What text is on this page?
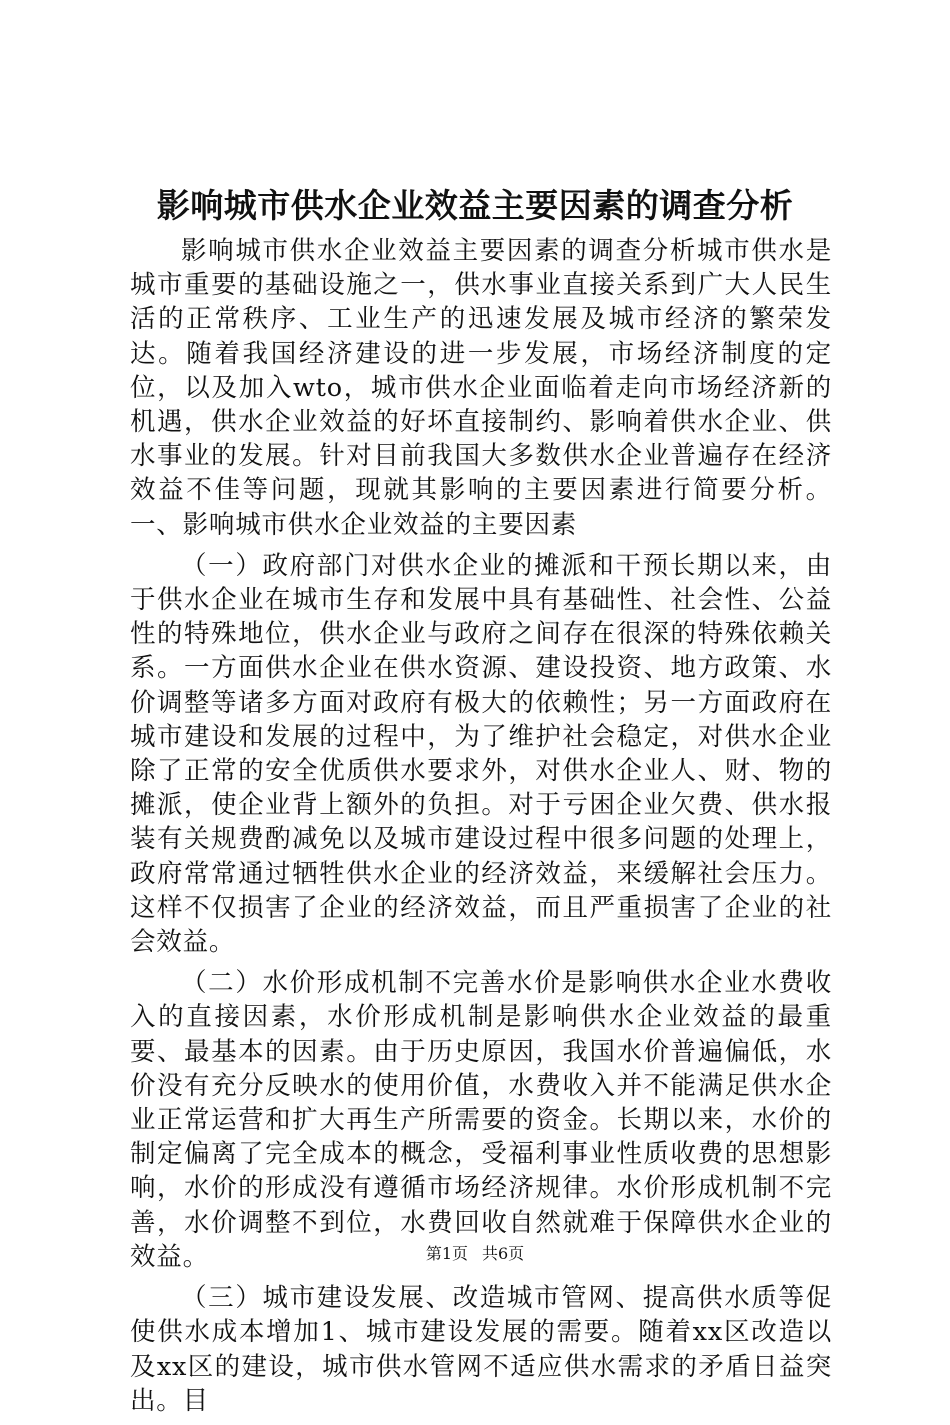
影响城市供水企业效益主要因素的调查分析

影响城市供水企业效益主要因素的调查分析城市供水是城市重要的基础设施之一，供水事业直接关系到广大人民生活的正常秩序、工业生产的迅速发展及城市经济的繁荣发达。随着我国经济建设的进一步发展，市场经济制度的定位，以及加入wto，城市供水企业面临着走向市场经济新的机遇，供水企业效益的好坏直接制约、影响着供水企业、供水事业的发展。针对目前我国大多数供水企业普遍存在经济效益不佳等问题，现就其影响的主要因素进行简要分析。一、影响城市供水企业效益的主要因素

（一）政府部门对供水企业的摊派和干预长期以来，由于供水企业在城市生存和发展中具有基础性、社会性、公益性的特殊地位，供水企业与政府之间存在很深的特殊依赖关系。一方面供水企业在供水资源、建设投资、地方政策、水价调整等诸多方面对政府有极大的依赖性；另一方面政府在城市建设和发展的过程中，为了维护社会稳定，对供水企业除了正常的安全优质供水要求外，对供水企业人、财、物的摊派，使企业背上额外的负担。对于亏困企业欠费、供水报装有关规费酌减免以及城市建设过程中很多问题的处理上，政府常常通过牺牲供水企业的经济效益，来缓解社会压力。这样不仅损害了企业的经济效益，而且严重损害了企业的社会效益。

（二）水价形成机制不完善水价是影响供水企业水费收入的直接因素，水价形成机制是影响供水企业效益的最重要、最基本的因素。由于历史原因，我国水价普遍偏低，水价没有充分反映水的使用价值，水费收入并不能满足供水企业正常运营和扩大再生产所需要的资金。长期以来，水价的制定偏离了完全成本的概念，受福利事业性质收费的思想影响，水价的形成没有遵循市场经济规律。水价形成机制不完善，水价调整不到位，水费回收自然就难于保障供水企业的效益。

（三）城市建设发展、改造城市管网、提高供水质等促使供水成本增加1、城市建设发展的需要。随着xx区改造以及xx区的建设，城市供水管网不适应供水需求的矛盾日益突出。目

第1页 共6页
